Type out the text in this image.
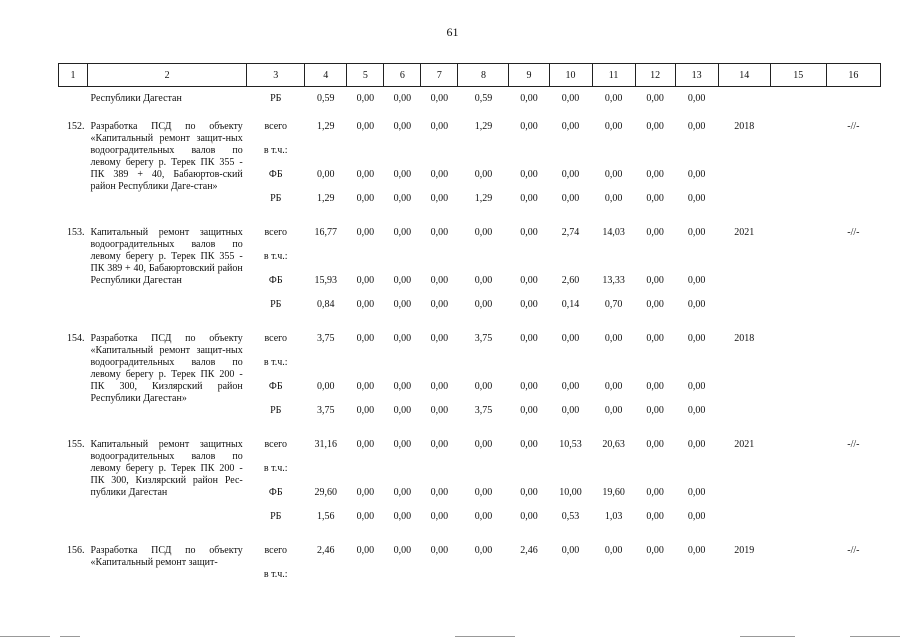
61
1	2	3	4	5	6	7	8	9	10	11	12	13	14	15	16
	Республики Дагестан	РБ	0,59	0,00	0,00	0,00	0,59	0,00	0,00	0,00	0,00	0,00			

152.	Разработка ПСД по объекту «Капитальный ремонт защит-ных водооградительных валов по левому берегу р. Терек ПК 355 - ПК 389 + 40, Бабаюртов-ский район Республики Даге-стан»	всего	1,29	0,00	0,00	0,00	1,29	0,00	0,00	0,00	0,00	0,00	2018		-//-
		в т.ч.:													
		ФБ	0,00	0,00	0,00	0,00	0,00	0,00	0,00	0,00	0,00	0,00			
		РБ	1,29	0,00	0,00	0,00	1,29	0,00	0,00	0,00	0,00	0,00			

153.	Капитальный ремонт защитных водооградительных валов по левому берегу р. Терек ПК 355 - ПК 389 + 40, Бабаюртовский район Республики Дагестан	всего	16,77	0,00	0,00	0,00	0,00	0,00	2,74	14,03	0,00	0,00	2021		-//-
		в т.ч.:													
		ФБ	15,93	0,00	0,00	0,00	0,00	0,00	2,60	13,33	0,00	0,00			
		РБ	0,84	0,00	0,00	0,00	0,00	0,00	0,14	0,70	0,00	0,00			

154.	Разработка ПСД по объекту «Капитальный ремонт защит-ных водооградительных валов по левому берегу р. Терек ПК 200 - ПК 300, Кизлярский район Республики Дагестан»	всего	3,75	0,00	0,00	0,00	3,75	0,00	0,00	0,00	0,00	0,00	2018		
		в т.ч.:													
		ФБ	0,00	0,00	0,00	0,00	0,00	0,00	0,00	0,00	0,00	0,00			
		РБ	3,75	0,00	0,00	0,00	3,75	0,00	0,00	0,00	0,00	0,00			

155.	Капитальный ремонт защитных водооградительных валов по левому берегу р. Терек ПК 200 - ПК 300, Кизлярский район Рес-публики Дагестан	всего	31,16	0,00	0,00	0,00	0,00	0,00	10,53	20,63	0,00	0,00	2021		-//-
		в т.ч.:													
		ФБ	29,60	0,00	0,00	0,00	0,00	0,00	10,00	19,60	0,00	0,00			
		РБ	1,56	0,00	0,00	0,00	0,00	0,00	0,53	1,03	0,00	0,00			

156.	Разработка ПСД по объекту «Капитальный ремонт защит-	всего	2,46	0,00	0,00	0,00	0,00	2,46	0,00	0,00	0,00	0,00	2019		-//-
		в т.ч.:													
